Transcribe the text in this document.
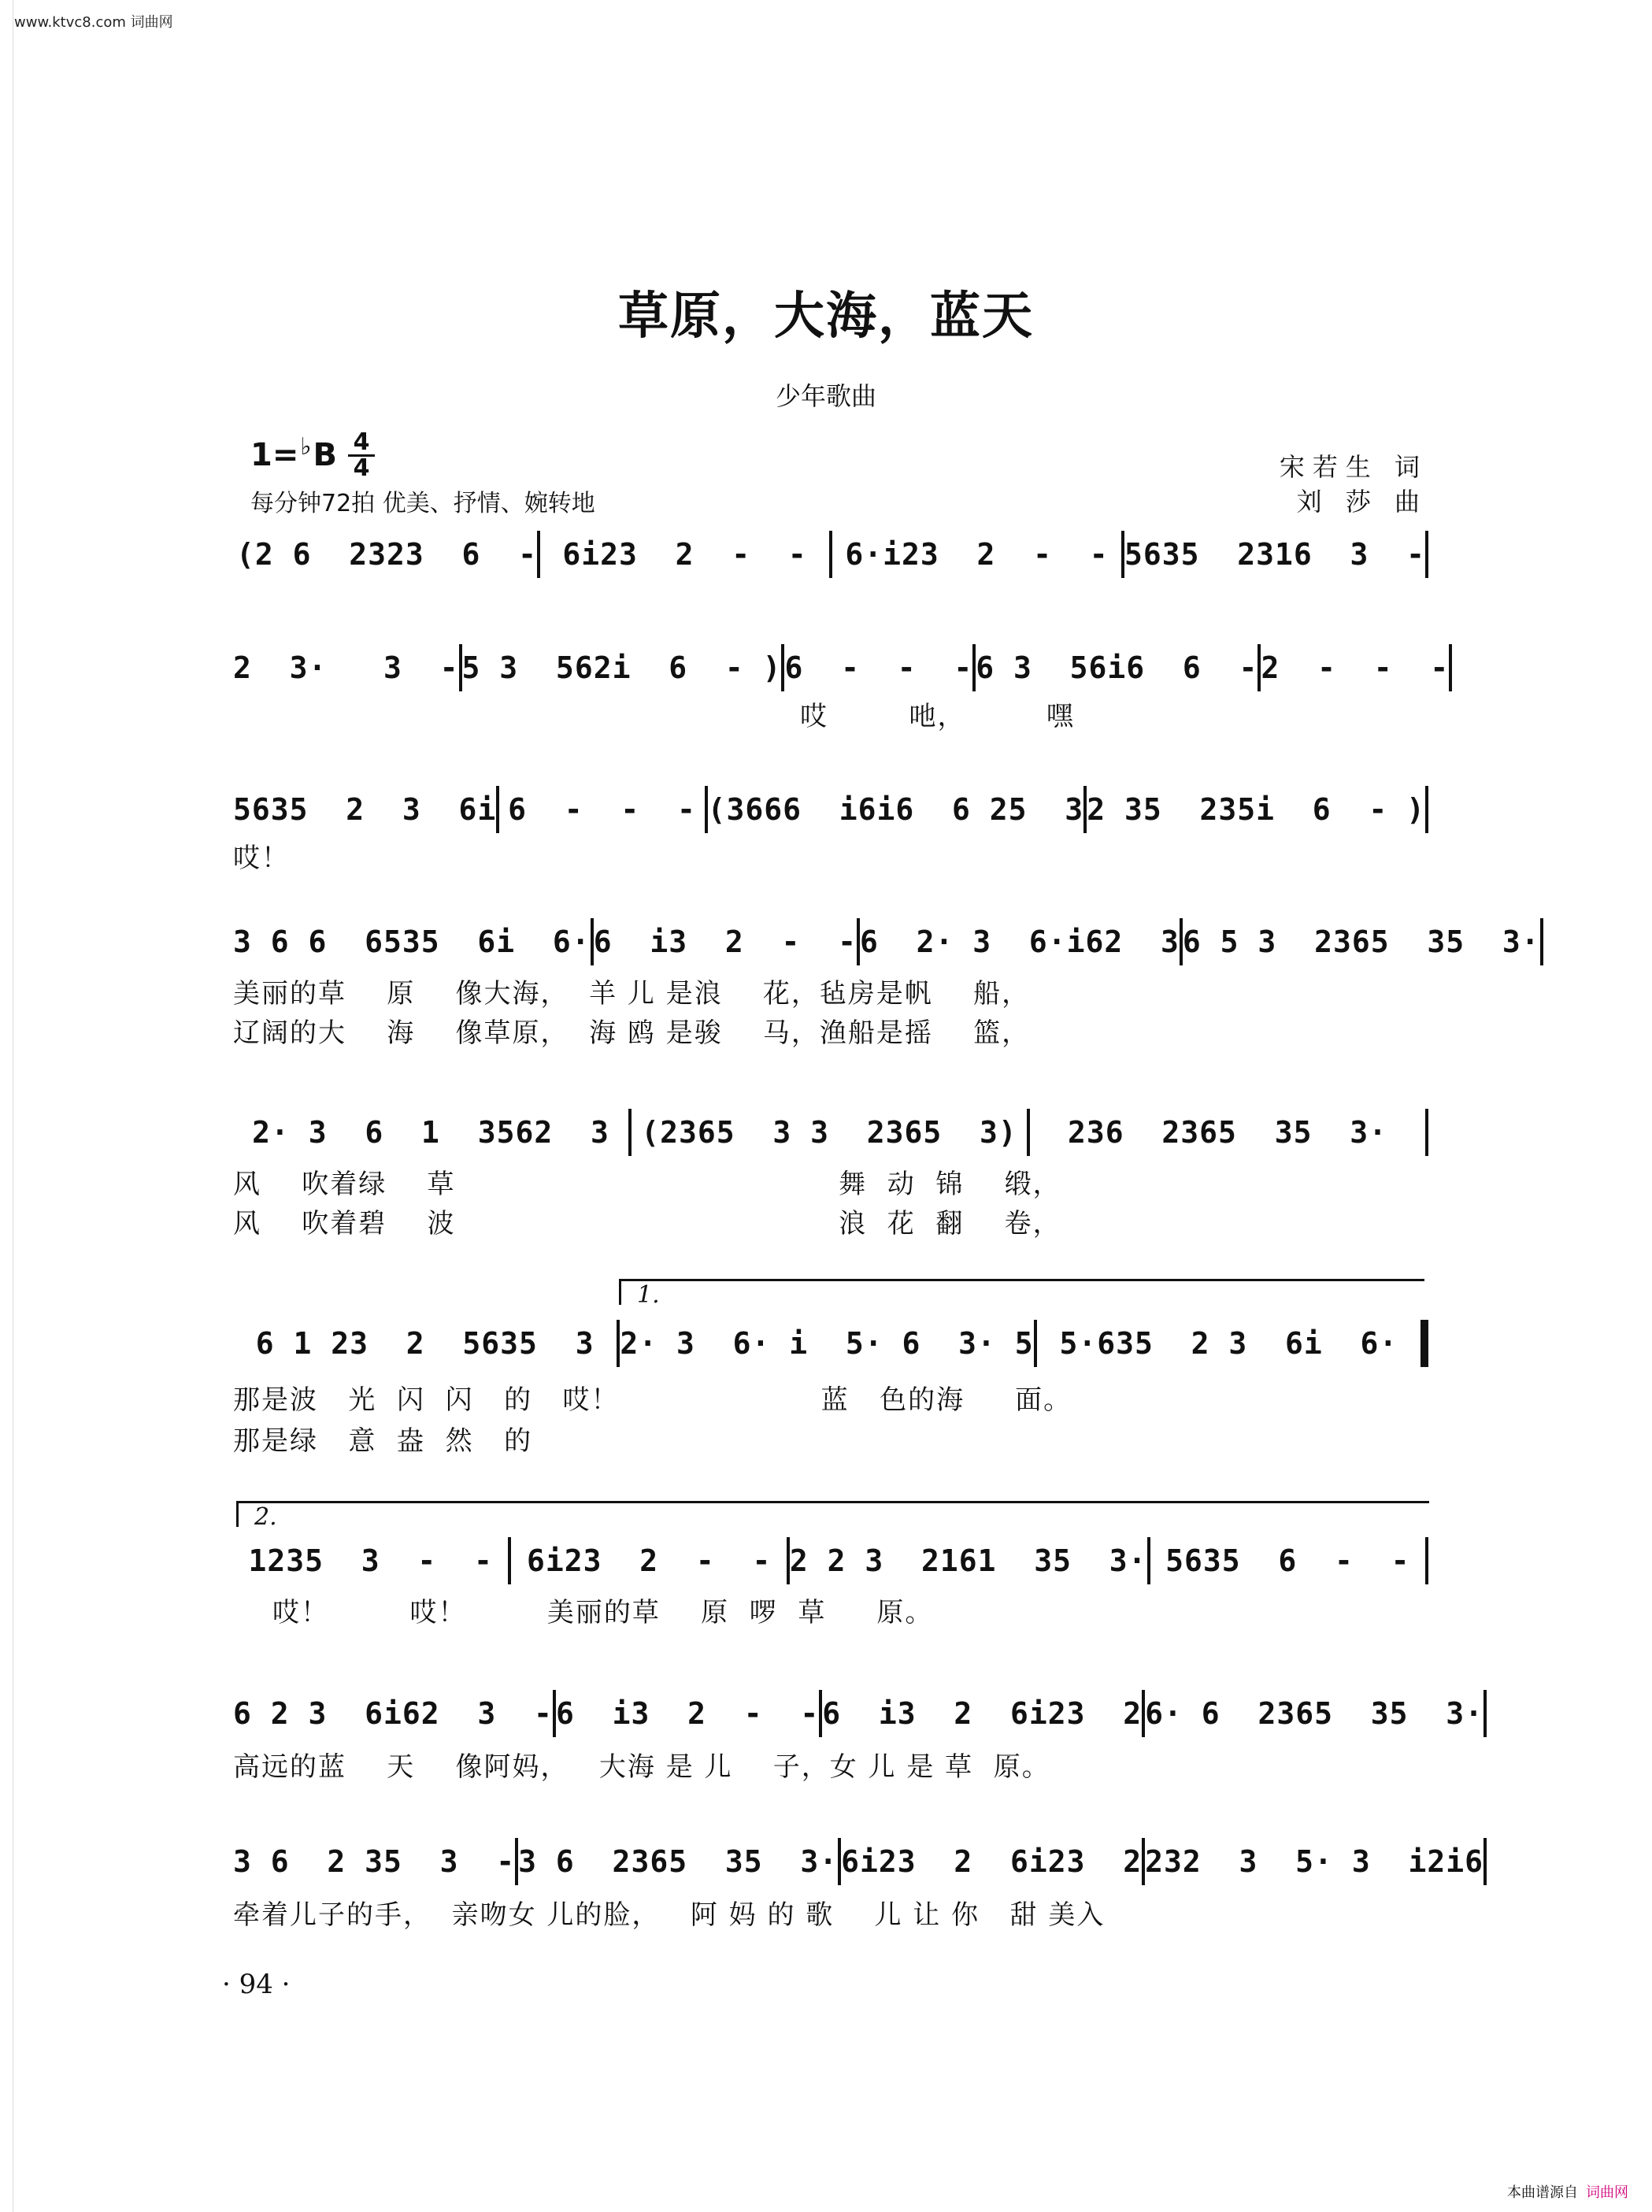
www.ktvc8.com 词曲网
草原，大海，蓝天
少年歌曲
1=♭B 4
4
每分钟72拍 优美、抒情、婉转地
宋若生 词
刘 莎 曲
(2 6  2323  6  - 6i23  2  -  -	6·i23  2  -  - 5635  2316  3  -
2  3·   3  - 5 3  562i  6  - ) 6  -  -  - 6 3  56i6  6  - 2  -  -  -
哎        吔，        嘿
5635  2  3  6i 6  -  -  - (3666  i6i6  6 25  3 2 35  235i  6  - )
哎！
3 6 6  6535  6i  6· 6  i3  2  -  - 6  2· 3  6·i62  3 6 5 3  2365  35  3·
美丽的草    原    像大海，  羊 儿 是浪    花，毡房是帆    船，
辽阔的大    海    像草原，  海 鸥 是骏    马，渔船是摇    篮，
2· 3  6  1  3562  3	(2365  3 3  2365  3)	236  2365  35  3·
风    吹着绿    草                                      舞  动  锦    缎，
风    吹着碧    波                                      浪  花  翻    卷，
1.
6 1 23  2  5635  3 2· 3  6· i  5· 6  3· 5 5·635  2 3  6i  6·
那是波   光  闪  闪   的   哎！                    蓝   色的海     面。
那是绿   意  盎  然   的
2.
1235  3  -  -	6i23  2  -  - 2 2 3  2161  35  3· 5635  6  -  -
哎！        哎！        美丽的草    原  啰  草     原。
6 2 3  6i62  3  - 6  i3  2  -  - 6  i3  2  6i23  2 6· 6  2365  35  3·
高远的蓝    天    像阿妈，   大海 是 儿    子，女 儿 是 草  原。
3 6  2 35  3  - 3 6  2365  35  3· 6i23  2  6i23  2 232  3  5· 3  i2i6
牵着儿子的手，  亲吻女 儿的脸，   阿 妈 的 歌    儿 让 你   甜 美入
· 94 ·
本曲谱源自 词曲网
